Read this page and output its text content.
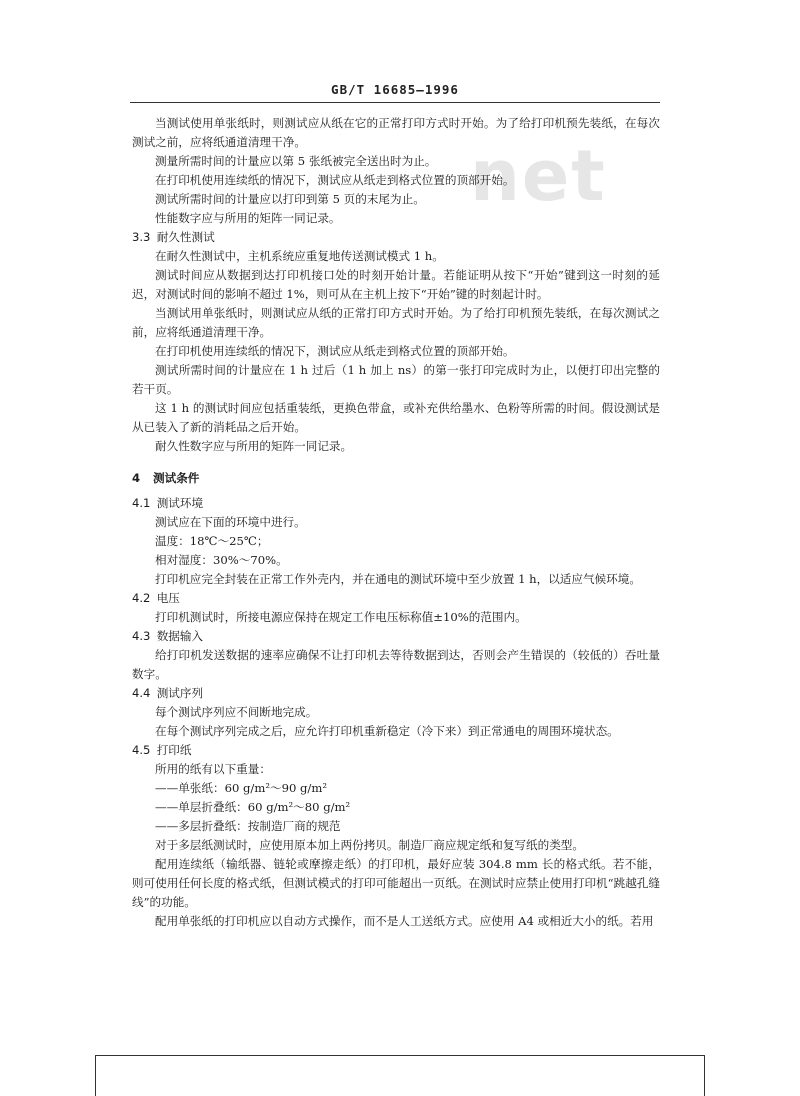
net
GB/T 16685—1996

当测试使用单张纸时，则测试应从纸在它的正常打印方式时开始。为了给打印机预先装纸，在每次测试之前，应将纸通道清理干净。

测量所需时间的计量应以第 5 张纸被完全送出时为止。

在打印机使用连续纸的情况下，测试应从纸走到格式位置的顶部开始。

测试所需时间的计量应以打印到第 5 页的末尾为止。

性能数字应与所用的矩阵一同记录。

3.3 耐久性测试

在耐久性测试中，主机系统应重复地传送测试模式 1 h。

测试时间应从数据到达打印机接口处的时刻开始计量。若能证明从按下“开始”键到这一时刻的延迟，对测试时间的影响不超过 1%，则可从在主机上按下“开始”键的时刻起计时。

当测试用单张纸时，则测试应从纸的正常打印方式时开始。为了给打印机预先装纸，在每次测试之前，应将纸通道清理干净。

在打印机使用连续纸的情况下，测试应从纸走到格式位置的顶部开始。

测试所需时间的计量应在 1 h 过后（1 h 加上 ns）的第一张打印完成时为止，以便打印出完整的若干页。

这 1 h 的测试时间应包括重装纸，更换色带盒，或补充供给墨水、色粉等所需的时间。假设测试是从已装入了新的消耗品之后开始。

耐久性数字应与所用的矩阵一同记录。

4 测试条件
4.1 测试环境

测试应在下面的环境中进行。

温度：18℃～25℃；

相对湿度：30%～70%。

打印机应完全封装在正常工作外壳内，并在通电的测试环境中至少放置 1 h，以适应气候环境。

4.2 电压

打印机测试时，所接电源应保持在规定工作电压标称值±10%的范围内。

4.3 数据输入

给打印机发送数据的速率应确保不让打印机去等待数据到达，否则会产生错误的（较低的）吞吐量数字。

4.4 测试序列

每个测试序列应不间断地完成。

在每个测试序列完成之后，应允许打印机重新稳定（冷下来）到正常通电的周围环境状态。

4.5 打印纸

所用的纸有以下重量：

——单张纸：60 g/m²～90 g/m²

——单层折叠纸：60 g/m²～80 g/m²

——多层折叠纸：按制造厂商的规范

对于多层纸测试时，应使用原本加上两份拷贝。制造厂商应规定纸和复写纸的类型。

配用连续纸（输纸器、链轮或摩擦走纸）的打印机，最好应装 304.8 mm 长的格式纸。若不能，则可使用任何长度的格式纸，但测试模式的打印可能超出一页纸。在测试时应禁止使用打印机“跳越孔缝线”的功能。

配用单张纸的打印机应以自动方式操作，而不是人工送纸方式。应使用 A4 或相近大小的纸。若用
